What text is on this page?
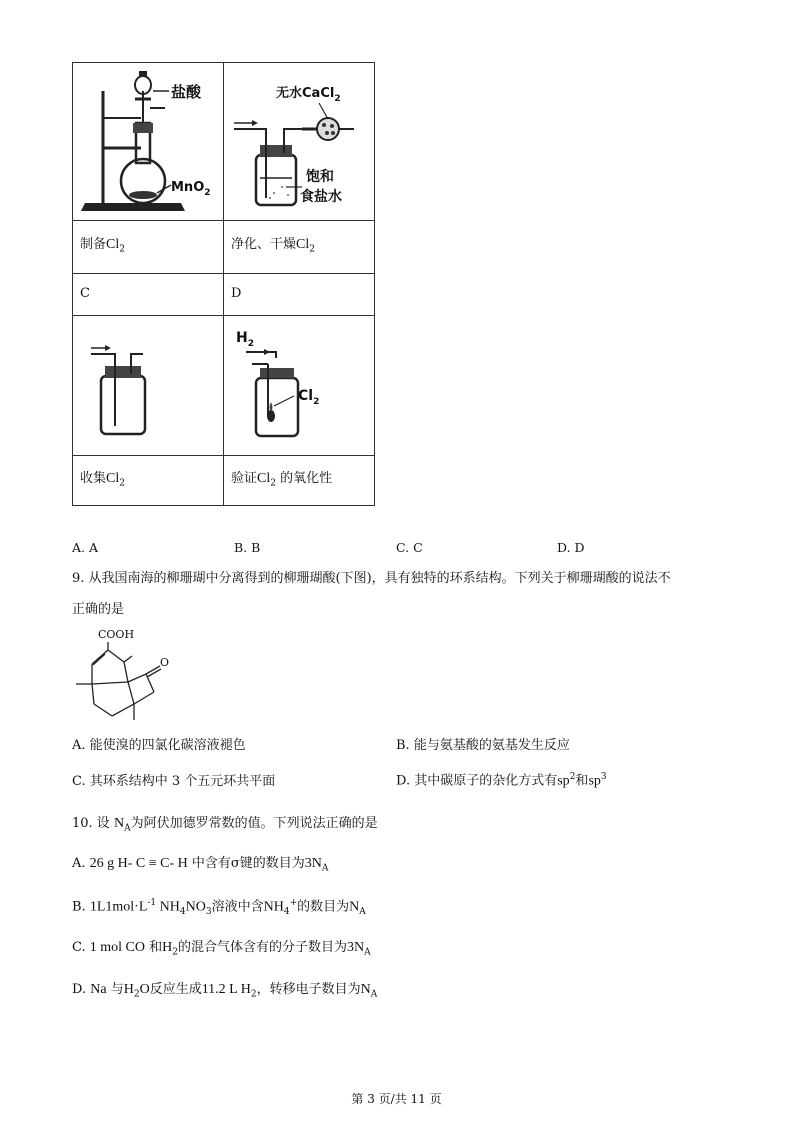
盐酸
MnO$_2$	无水CaCl$_2$
饱和
食盐水

制备$Cl_2$	净化、干燥$Cl_2$
C	D

$H_2$
$Cl_2$

收集$Cl_2$	验证$Cl_2$ 的氧化性
A. A	B. B	C. C	D. D
9. 从我国南海的柳珊瑚中分离得到的柳珊瑚酸(下图)，具有独特的环系结构。下列关于柳珊瑚酸的说法不
正确的是
COOH
O
A. 能使溴的四氯化碳溶液褪色	B. 能与氨基酸的氨基发生反应
C. 其环系结构中 3 个五元环共平面	D. 其中碳原子的杂化方式有$sp^2$和$sp^3$
10. 设 $N_A$为阿伏加德罗常数的值。下列说法正确的是
A. 26 g H- C ≡ C- H 中含有σ键的数目为$3N_A$
B. $1L1mol\cdot L^{-1}$ $NH_4NO_3$溶液中含$NH_4^+$的数目为$N_A$
C. 1 mol CO 和$H_2$的混合气体含有的分子数目为$3N_A$
D. Na 与$H_2O$反应生成11.2 L $H_2$，转移电子数目为$N_A$
第 3 页/共 11 页
